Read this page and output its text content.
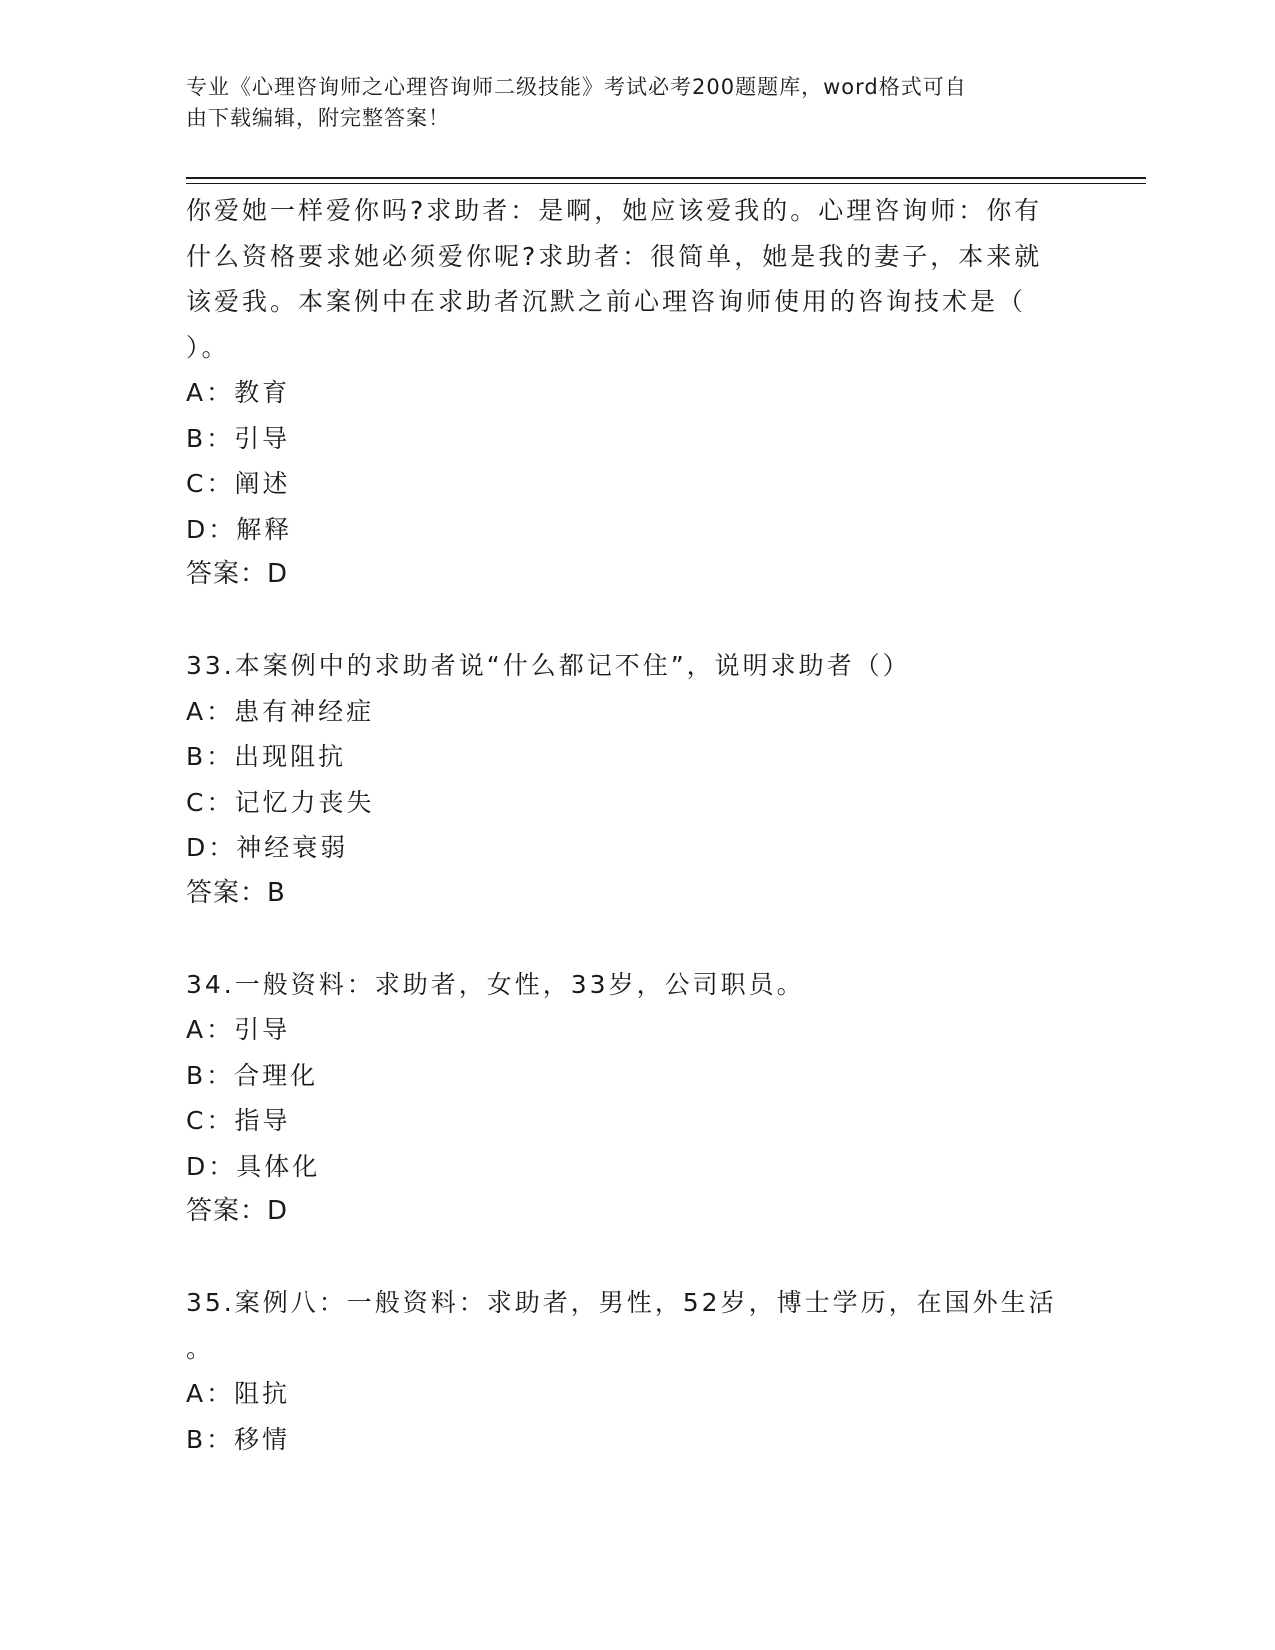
专业《心理咨询师之心理咨询师二级技能》考试必考200题题库，word格式可自
由下载编辑，附完整答案！
你爱她一样爱你吗?求助者：是啊，她应该爱我的。心理咨询师：你有
什么资格要求她必须爱你呢?求助者：很简单，她是我的妻子，本来就
该爱我。本案例中在求助者沉默之前心理咨询师使用的咨询技术是（
）。
A：教育
B：引导
C：阐述
D：解释
答案：D
33.本案例中的求助者说“什么都记不住”，说明求助者（）
A：患有神经症
B：出现阻抗
C：记忆力丧失
D：神经衰弱
答案：B
34.一般资料：求助者，女性，33岁，公司职员。
A：引导
B：合理化
C：指导
D：具体化
答案：D
35.案例八：一般资料：求助者，男性，52岁，博士学历，在国外生活
。
A：阻抗
B：移情
